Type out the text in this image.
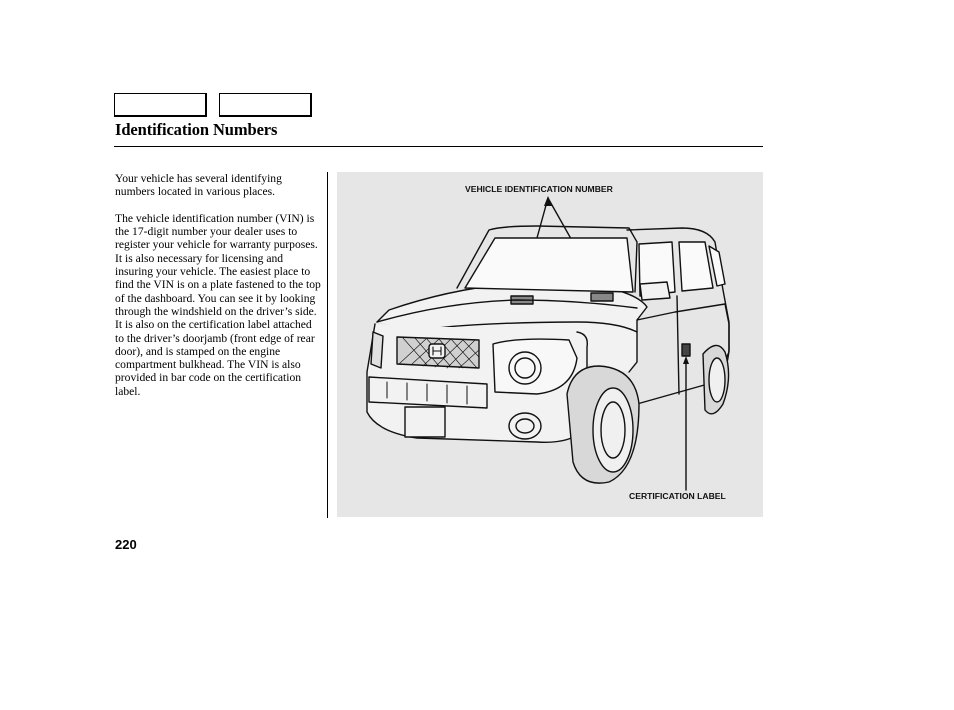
Identification Numbers

Your vehicle has several identifying numbers located in various places.

The vehicle identification number (VIN) is the 17-digit number your dealer uses to register your vehicle for warranty purposes. It is also necessary for licensing and insuring your vehicle. The easiest place to find the VIN is on a plate fastened to the top of the dashboard. You can see it by looking through the windshield on the driver’s side. It is also on the certification label attached to the driver’s doorjamb (front edge of rear door), and is stamped on the engine compartment bulkhead. The VIN is also provided in bar code on the certification label.

VEHICLE IDENTIFICATION NUMBER
CERTIFICATION LABEL
220
